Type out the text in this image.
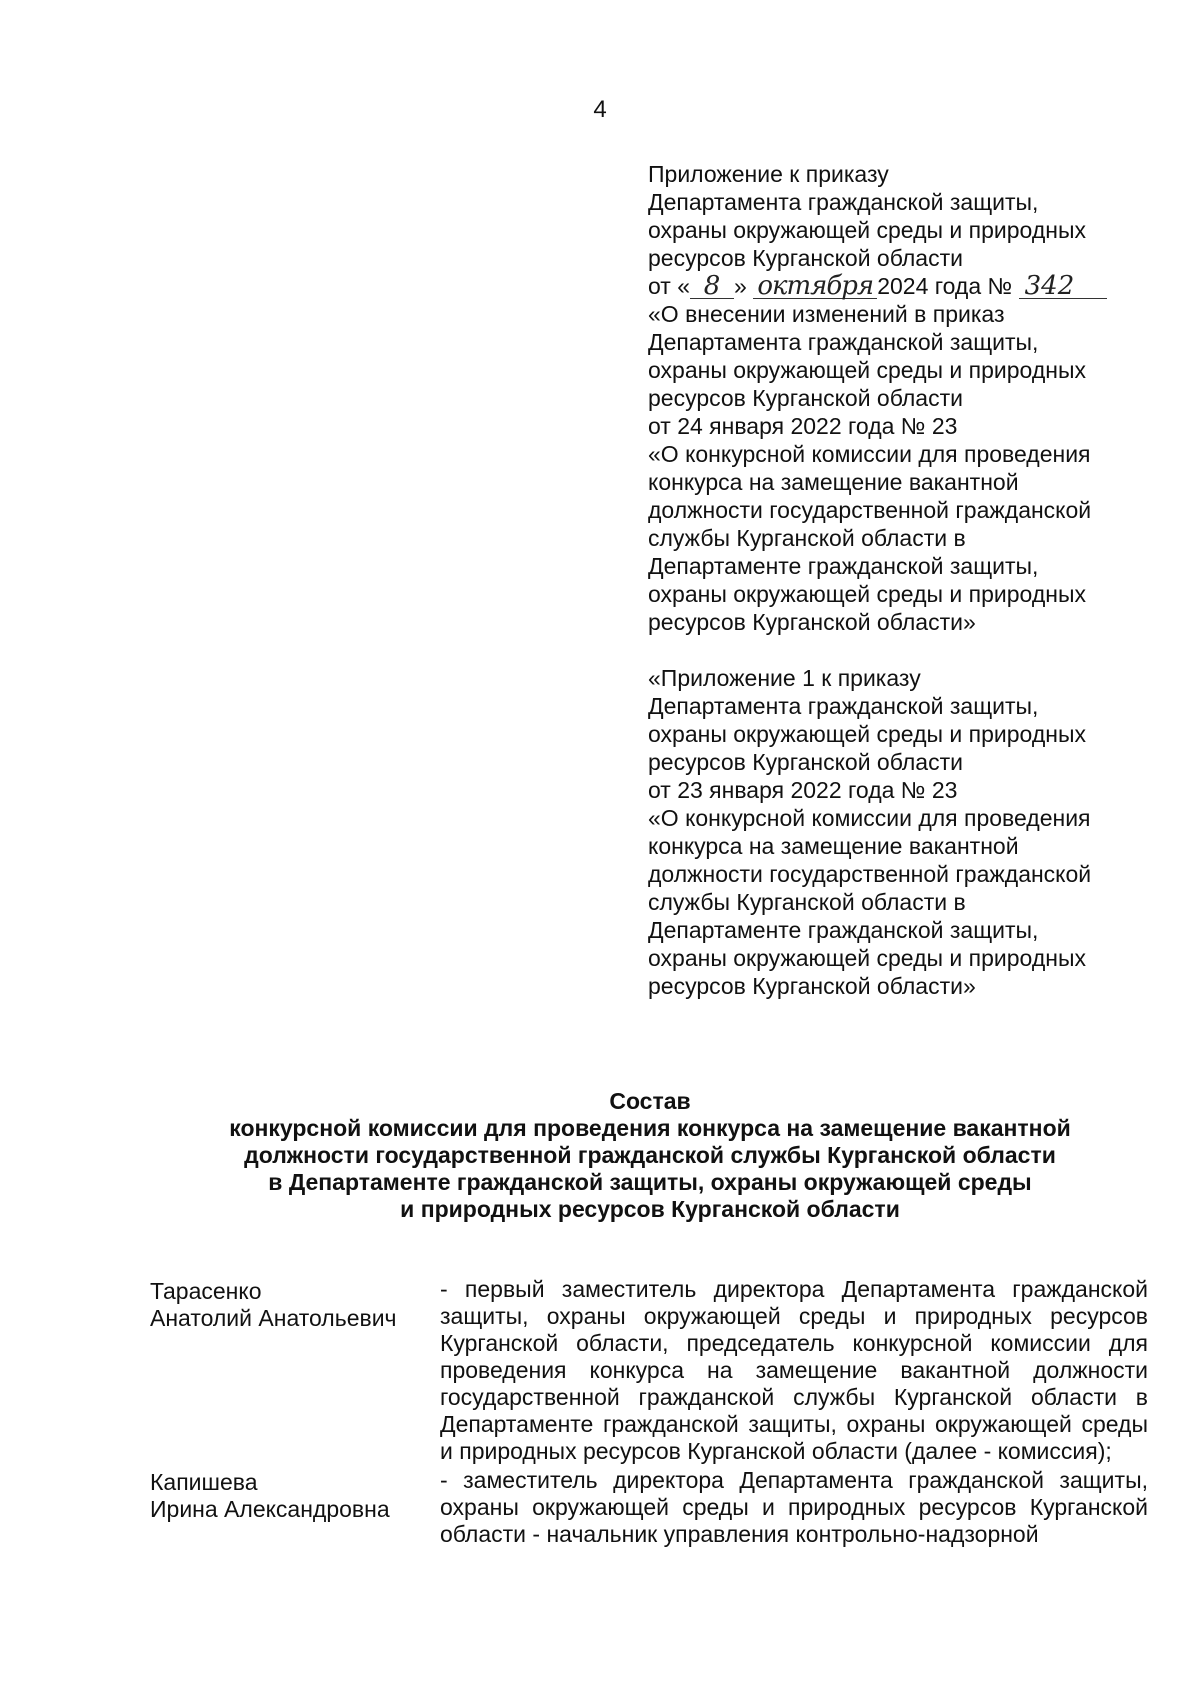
4
Приложение к приказу
Департамента гражданской защиты,
охраны окружающей среды и природных
ресурсов Курганской области
от « 8 » октября 2024 года № 342
«О внесении изменений в приказ
Департамента гражданской защиты,
охраны окружающей среды и природных
ресурсов Курганской области
от 24 января 2022 года № 23
«О конкурсной комиссии для проведения
конкурса на замещение вакантной
должности государственной гражданской
службы Курганской области в
Департаменте гражданской защиты,
охраны окружающей среды и природных
ресурсов Курганской области»
«Приложение 1 к приказу
Департамента гражданской защиты,
охраны окружающей среды и природных
ресурсов Курганской области
от 23 января 2022 года № 23
«О конкурсной комиссии для проведения
конкурса на замещение вакантной
должности государственной гражданской
службы Курганской области в
Департаменте гражданской защиты,
охраны окружающей среды и природных
ресурсов Курганской области»
Состав
конкурсной комиссии для проведения конкурса на замещение вакантной
должности государственной гражданской службы Курганской области
в Департаменте гражданской защиты, охраны окружающей среды
и природных ресурсов Курганской области
Тарасенко
Анатолий Анатольевич
- первый заместитель директора Департамента гражданской защиты, охраны окружающей среды и природных ресурсов Курганской области, председатель конкурсной комиссии для проведения конкурса на замещение вакантной должности государственной гражданской службы Курганской области в Департаменте гражданской защиты, охраны окружающей среды и природных ресурсов Курганской области (далее - комиссия);
Капишева
Ирина Александровна
- заместитель директора Департамента гражданской защиты, охраны окружающей среды и природных ресурсов Курганской области - начальник управления контрольно-надзорной
